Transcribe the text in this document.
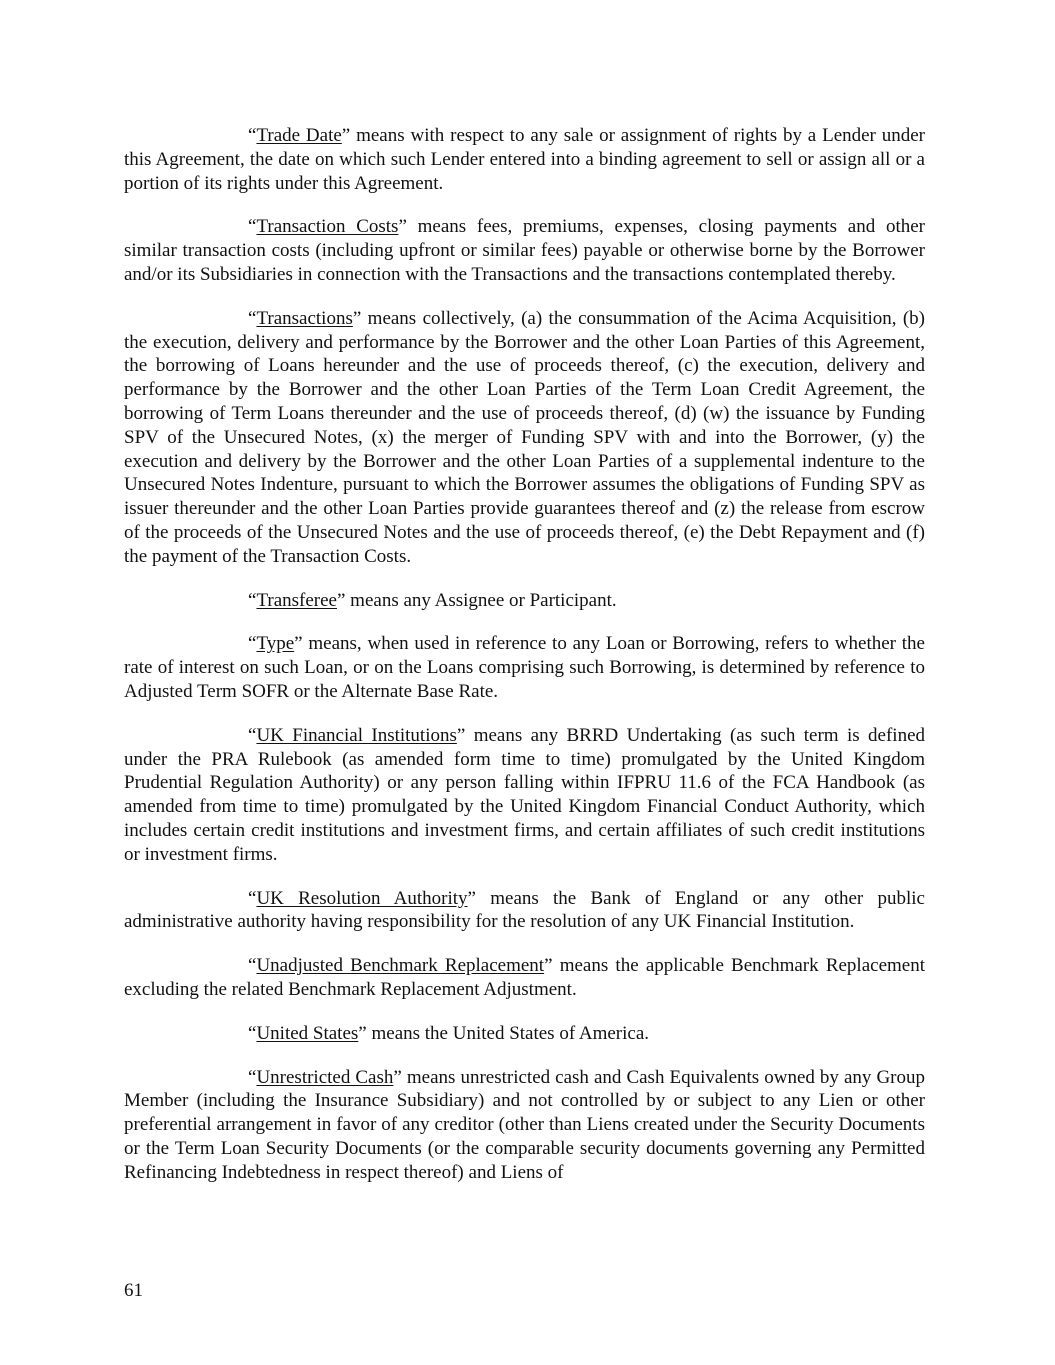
“Trade Date” means with respect to any sale or assignment of rights by a Lender under this Agreement, the date on which such Lender entered into a binding agreement to sell or assign all or a portion of its rights under this Agreement.

“Transaction Costs” means fees, premiums, expenses, closing payments and other similar transaction costs (including upfront or similar fees) payable or otherwise borne by the Borrower and/or its Subsidiaries in connection with the Transactions and the transactions contemplated thereby.

“Transactions” means collectively, (a) the consummation of the Acima Acquisition, (b) the execution, delivery and performance by the Borrower and the other Loan Parties of this Agreement, the borrowing of Loans hereunder and the use of proceeds thereof, (c) the execution, delivery and performance by the Borrower and the other Loan Parties of the Term Loan Credit Agreement, the borrowing of Term Loans thereunder and the use of proceeds thereof, (d) (w) the issuance by Funding SPV of the Unsecured Notes, (x) the merger of Funding SPV with and into the Borrower, (y) the execution and delivery by the Borrower and the other Loan Parties of a supplemental indenture to the Unsecured Notes Indenture, pursuant to which the Borrower assumes the obligations of Funding SPV as issuer thereunder and the other Loan Parties provide guarantees thereof and (z) the release from escrow of the proceeds of the Unsecured Notes and the use of proceeds thereof, (e) the Debt Repayment and (f) the payment of the Transaction Costs.

“Transferee” means any Assignee or Participant.

“Type” means, when used in reference to any Loan or Borrowing, refers to whether the rate of interest on such Loan, or on the Loans comprising such Borrowing, is determined by reference to Adjusted Term SOFR or the Alternate Base Rate.

“UK Financial Institutions” means any BRRD Undertaking (as such term is defined under the PRA Rulebook (as amended form time to time) promulgated by the United Kingdom Prudential Regulation Authority) or any person falling within IFPRU 11.6 of the FCA Handbook (as amended from time to time) promulgated by the United Kingdom Financial Conduct Authority, which includes certain credit institutions and investment firms, and certain affiliates of such credit institutions or investment firms.

“UK Resolution Authority” means the Bank of England or any other public administrative authority having responsibility for the resolution of any UK Financial Institution.

“Unadjusted Benchmark Replacement” means the applicable Benchmark Replacement excluding the related Benchmark Replacement Adjustment.

“United States” means the United States of America.

“Unrestricted Cash” means unrestricted cash and Cash Equivalents owned by any Group Member (including the Insurance Subsidiary) and not controlled by or subject to any Lien or other preferential arrangement in favor of any creditor (other than Liens created under the Security Documents or the Term Loan Security Documents (or the comparable security documents governing any Permitted Refinancing Indebtedness in respect thereof) and Liens of

61
